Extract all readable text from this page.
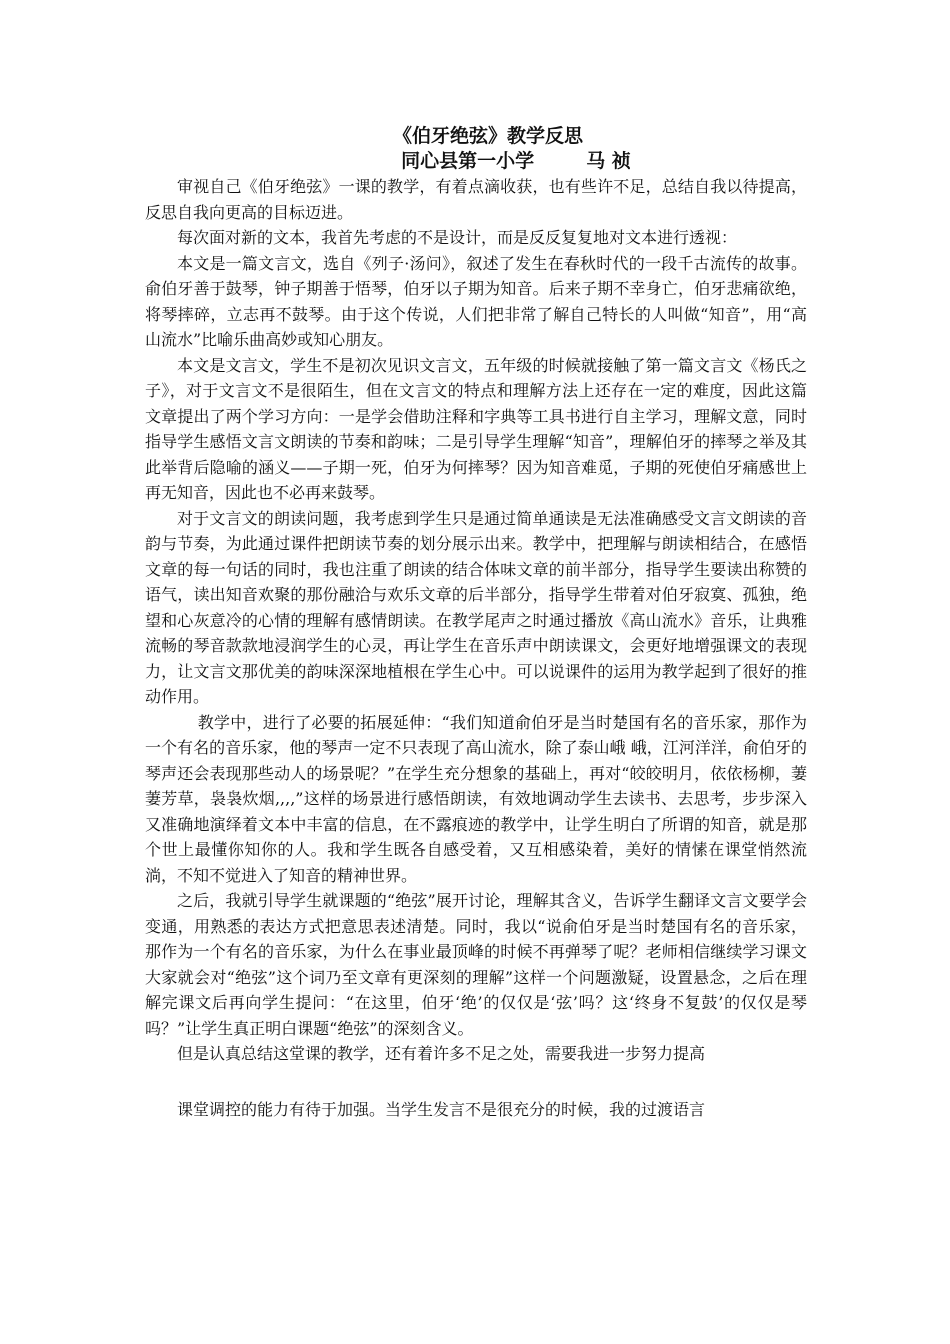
《伯牙绝弦》教学反思
同心县第一小学	马 祯

审视自己《伯牙绝弦》一课的教学，有着点滴收获，也有些许不足，总结自我以待提高，反思自我向更高的目标迈进。

每次面对新的文本，我首先考虑的不是设计，而是反反复复地对文本进行透视：

本文是一篇文言文，选自《列子·汤问》，叙述了发生在春秋时代的一段千古流传的故事。俞伯牙善于鼓琴，钟子期善于悟琴，伯牙以子期为知音。后来子期不幸身亡，伯牙悲痛欲绝，将琴摔碎，立志再不鼓琴。由于这个传说，人们把非常了解自己特长的人叫做“知音”，用“高山流水”比喻乐曲高妙或知心朋友。

本文是文言文，学生不是初次见识文言文，五年级的时候就接触了第一篇文言文《杨氏之子》，对于文言文不是很陌生，但在文言文的特点和理解方法上还存在一定的难度，因此这篇文章提出了两个学习方向：一是学会借助注释和字典等工具书进行自主学习，理解文意，同时指导学生感悟文言文朗读的节奏和韵味；二是引导学生理解“知音”，理解伯牙的摔琴之举及其此举背后隐喻的涵义——子期一死，伯牙为何摔琴？因为知音难觅，子期的死使伯牙痛感世上再无知音，因此也不必再来鼓琴。

对于文言文的朗读问题，我考虑到学生只是通过简单通读是无法准确感受文言文朗读的音韵与节奏，为此通过课件把朗读节奏的划分展示出来。教学中，把理解与朗读相结合，在感悟文章的每一句话的同时，我也注重了朗读的结合体味文章的前半部分，指导学生要读出称赞的语气，读出知音欢聚的那份融洽与欢乐文章的后半部分，指导学生带着对伯牙寂寞、孤独，绝望和心灰意冷的心情的理解有感情朗读。在教学尾声之时通过播放《高山流水》音乐，让典雅流畅的琴音款款地浸润学生的心灵，再让学生在音乐声中朗读课文，会更好地增强课文的表现力，让文言文那优美的韵味深深地植根在学生心中。可以说课件的运用为教学起到了很好的推动作用。

教学中，进行了必要的拓展延伸：“我们知道俞伯牙是当时楚国有名的音乐家，那作为一个有名的音乐家，他的琴声一定不只表现了高山流水，除了泰山峨 峨，江河洋洋，俞伯牙的琴声还会表现那些动人的场景呢？”在学生充分想象的基础上，再对“皎皎明月，依依杨柳，萋萋芳草，袅袅炊烟,,,,”这样的场景进行感悟朗读，有效地调动学生去读书、去思考，步步深入又准确地演绎着文本中丰富的信息，在不露痕迹的教学中，让学生明白了所谓的知音，就是那个世上最懂你知你的人。我和学生既各自感受着，又互相感染着，美好的情愫在课堂悄然流淌，不知不觉进入了知音的精神世界。

之后，我就引导学生就课题的“绝弦”展开讨论，理解其含义，告诉学生翻译文言文要学会变通，用熟悉的表达方式把意思表述清楚。同时，我以“说俞伯牙是当时楚国有名的音乐家，那作为一个有名的音乐家，为什么在事业最顶峰的时候不再弹琴了呢？老师相信继续学习课文大家就会对“绝弦”这个词乃至文章有更深刻的理解”这样一个问题激疑，设置悬念，之后在理解完课文后再向学生提问：“在这里，伯牙‘绝’的仅仅是‘弦’吗？这‘终身不复鼓’的仅仅是琴吗？”让学生真正明白课题“绝弦”的深刻含义。

但是认真总结这堂课的教学，还有着许多不足之处，需要我进一步努力提高

课堂调控的能力有待于加强。当学生发言不是很充分的时候，我的过渡语言
